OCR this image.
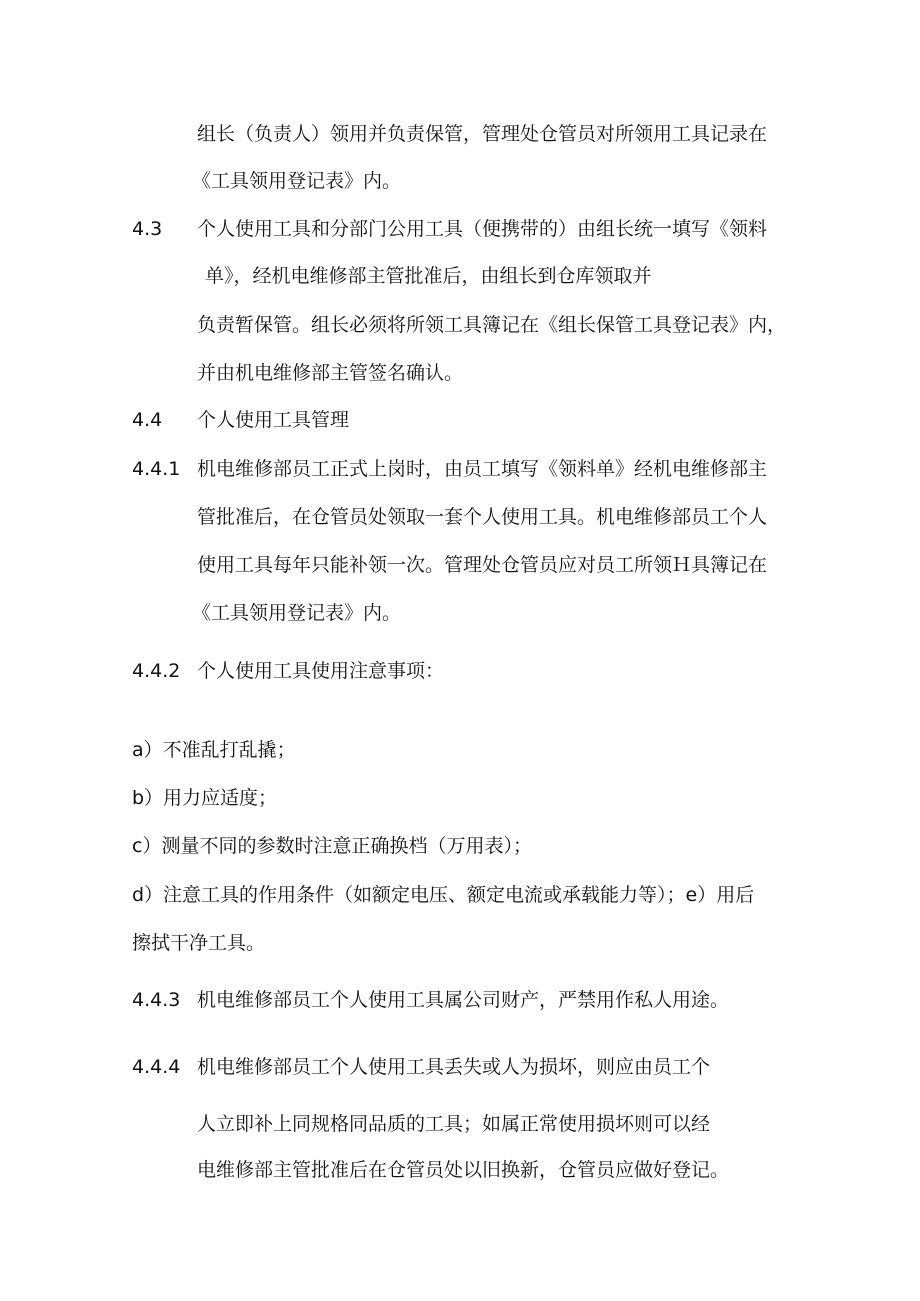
组长（负责人）领用并负责保管，管理处仓管员对所领用工具记录在
《工具领用登记表》内。
4.3 个人使用工具和分部门公用工具（便携带的）由组长统一填写《领料
单》，经机电维修部主管批准后，由组长到仓库领取并
负责暂保管。组长必须将所领工具簿记在《组长保管工具登记表》内，
并由机电维修部主管签名确认。
4.4 个人使用工具管理
4.4.1 机电维修部员工正式上岗时，由员工填写《领料单》经机电维修部主
管批准后，在仓管员处领取一套个人使用工具。机电维修部员工个人
使用工具每年只能补领一次。管理处仓管员应对员工所领Ｈ具簿记在
《工具领用登记表》内。
4.4.2 个人使用工具使用注意事项：
a）不准乱打乱撬；
b）用力应适度；
c）测量不同的参数时注意正确换档（万用表）；
d）注意工具的作用条件（如额定电压、额定电流或承载能力等）；e）用后
擦拭干净工具。
4.4.3 机电维修部员工个人使用工具属公司财产，严禁用作私人用途。
4.4.4 机电维修部员工个人使用工具丢失或人为损坏，则应由员工个
人立即补上同规格同品质的工具；如属正常使用损坏则可以经
电维修部主管批准后在仓管员处以旧换新，仓管员应做好登记。
